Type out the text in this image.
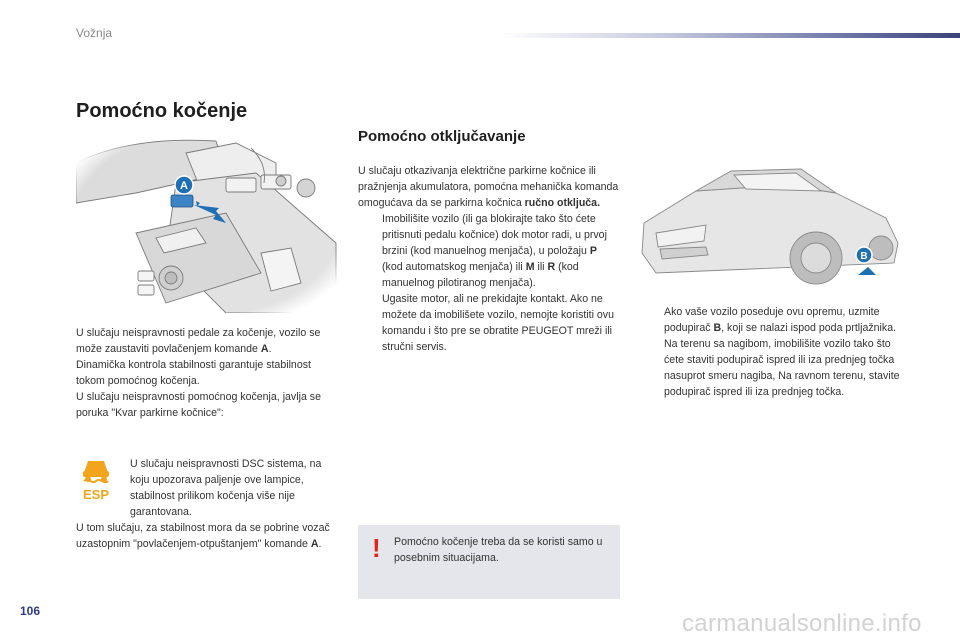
Vožnja
Pomoćno kočenje

U slučaju neispravnosti pedale za kočenje, vozilo se može zaustaviti povlačenjem komande A.

Dinamička kontrola stabilnosti garantuje stabilnost tokom pomoćnog kočenja.

U slučaju neispravnosti pomoćnog kočenja, javlja se poruka "Kvar parkirne kočnice":

ESP

U slučaju neispravnosti DSC sistema, na koju upozorava paljenje ove lampice, stabilnost prilikom kočenja više nije garantovana.

U tom slučaju, za stabilnost mora da se pobrine vozač uzastopnim "povlačenjem-otpuštanjem" komande A.

Pomoćno otključavanje

U slučaju otkazivanja električne parkirne kočnice ili pražnjenja akumulatora, pomoćna mehanička komanda omogućava da se parkirna kočnica ručno otključa.

Imobilišite vozilo (ili ga blokirajte tako što ćete pritisnuti pedalu kočnice) dok motor radi, u prvoj brzini (kod manuelnog menjača), u položaju P (kod automatskog menjača) ili M ili R (kod manuelnog pilotiranog menjača).

Ugasite motor, ali ne prekidajte kontakt. Ako ne možete da imobilišete vozilo, nemojte koristiti ovu komandu i što pre se obratite PEUGEOT mreži ili stručni servis.

B

Ako vaše vozilo poseduje ovu opremu, uzmite podupirač B, koji se nalazi ispod poda prtljažnika.

Na terenu sa nagibom, imobilišite vozilo tako što ćete staviti podupirač ispred ili iza prednjeg točka nasuprot smeru nagiba, Na ravnom terenu, stavite podupirač ispred ili iza prednjeg točka.

! Pomoćno kočenje treba da se koristi samo u posebnim situacijama.
106	carmanualsonline.info
